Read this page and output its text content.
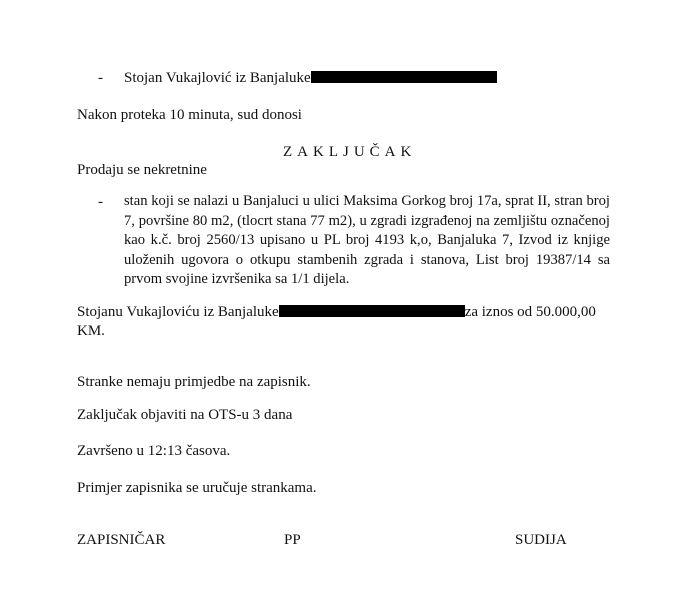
- Stojan Vukajlović iz Banjaluke
Nakon proteka 10 minuta, sud donosi
ZAKLJUČAK
Prodaju se nekretnine
- stan koji se nalazi u Banjaluci u ulici Maksima Gorkog broj 17a, sprat II, stran broj 7, površine 80 m2, (tlocrt stana 77 m2), u zgradi izgrađenoj na zemljištu označenoj kao k.č. broj 2560/13 upisano u PL broj 4193 k,o, Banjaluka 7, Izvod iz knjige uloženih ugovora o otkupu stambenih zgrada i stanova, List broj 19387/14 sa prvom svojine izvršenika sa 1/1 dijela.
Stojanu Vukajloviću iz Banjaluke	za iznos od 50.000,00
KM.
Stranke nemaju primjedbe na zapisnik.
Zaključak objaviti na OTS-u 3 dana
Završeno u 12:13 časova.
Primjer zapisnika se uručuje strankama.
ZAPISNIČAR	PP	SUDIJA
